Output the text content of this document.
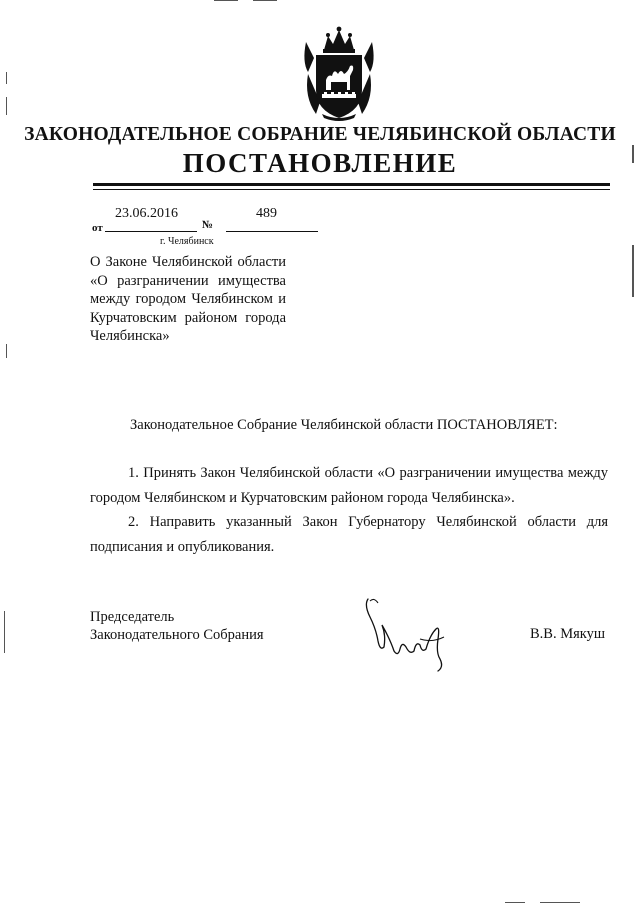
ЗАКОНОДАТЕЛЬНОЕ СОБРАНИЕ ЧЕЛЯБИНСКОЙ ОБЛАСТИ
ПОСТАНОВЛЕНИЕ
от
23.06.2016
№
489
г. Челябинск
О Законе Челябинской области «О разграничении имущества между городом Челябинском и Курчатовским районом города Челябинска»
Законодательное Собрание Челябинской области ПОСТАНОВЛЯЕТ:
1. Принять Закон Челябинской области «О разграничении имущества между городом Челябинском и Курчатовским районом города Челябинска».
2. Направить указанный Закон Губернатору Челябинской области для подписания и опубликования.
Председатель
Законодательного Собрания	В.В. Мякуш
